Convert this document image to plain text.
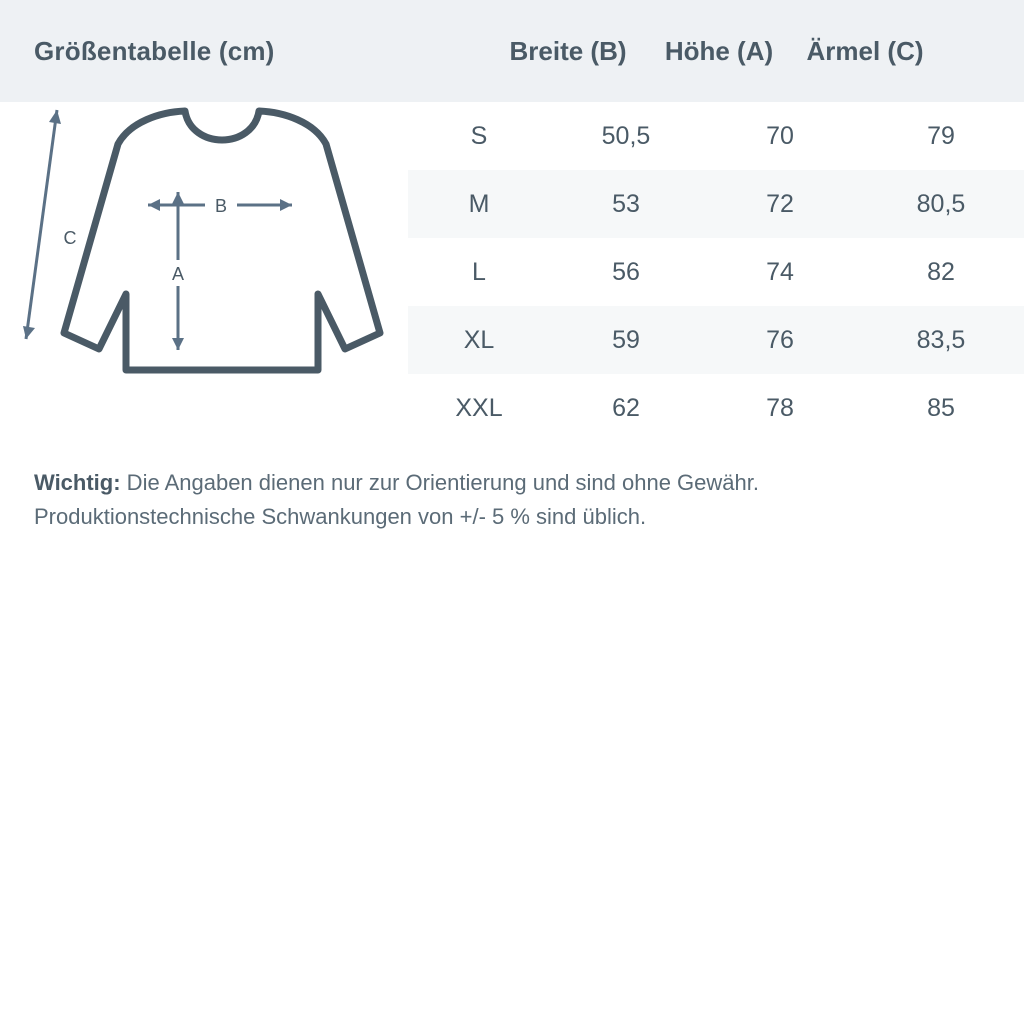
Größentabelle (cm)	Breite (B)	Höhe (A)	Ärmel (C)
B
A
C
S	50,5	70	79
M	53	72	80,5
L	56	74	82
XL	59	76	83,5
XXL	62	78	85
Wichtig: Die Angaben dienen nur zur Orientierung und sind ohne Gewähr.
Produktionstechnische Schwankungen von +/- 5 % sind üblich.
